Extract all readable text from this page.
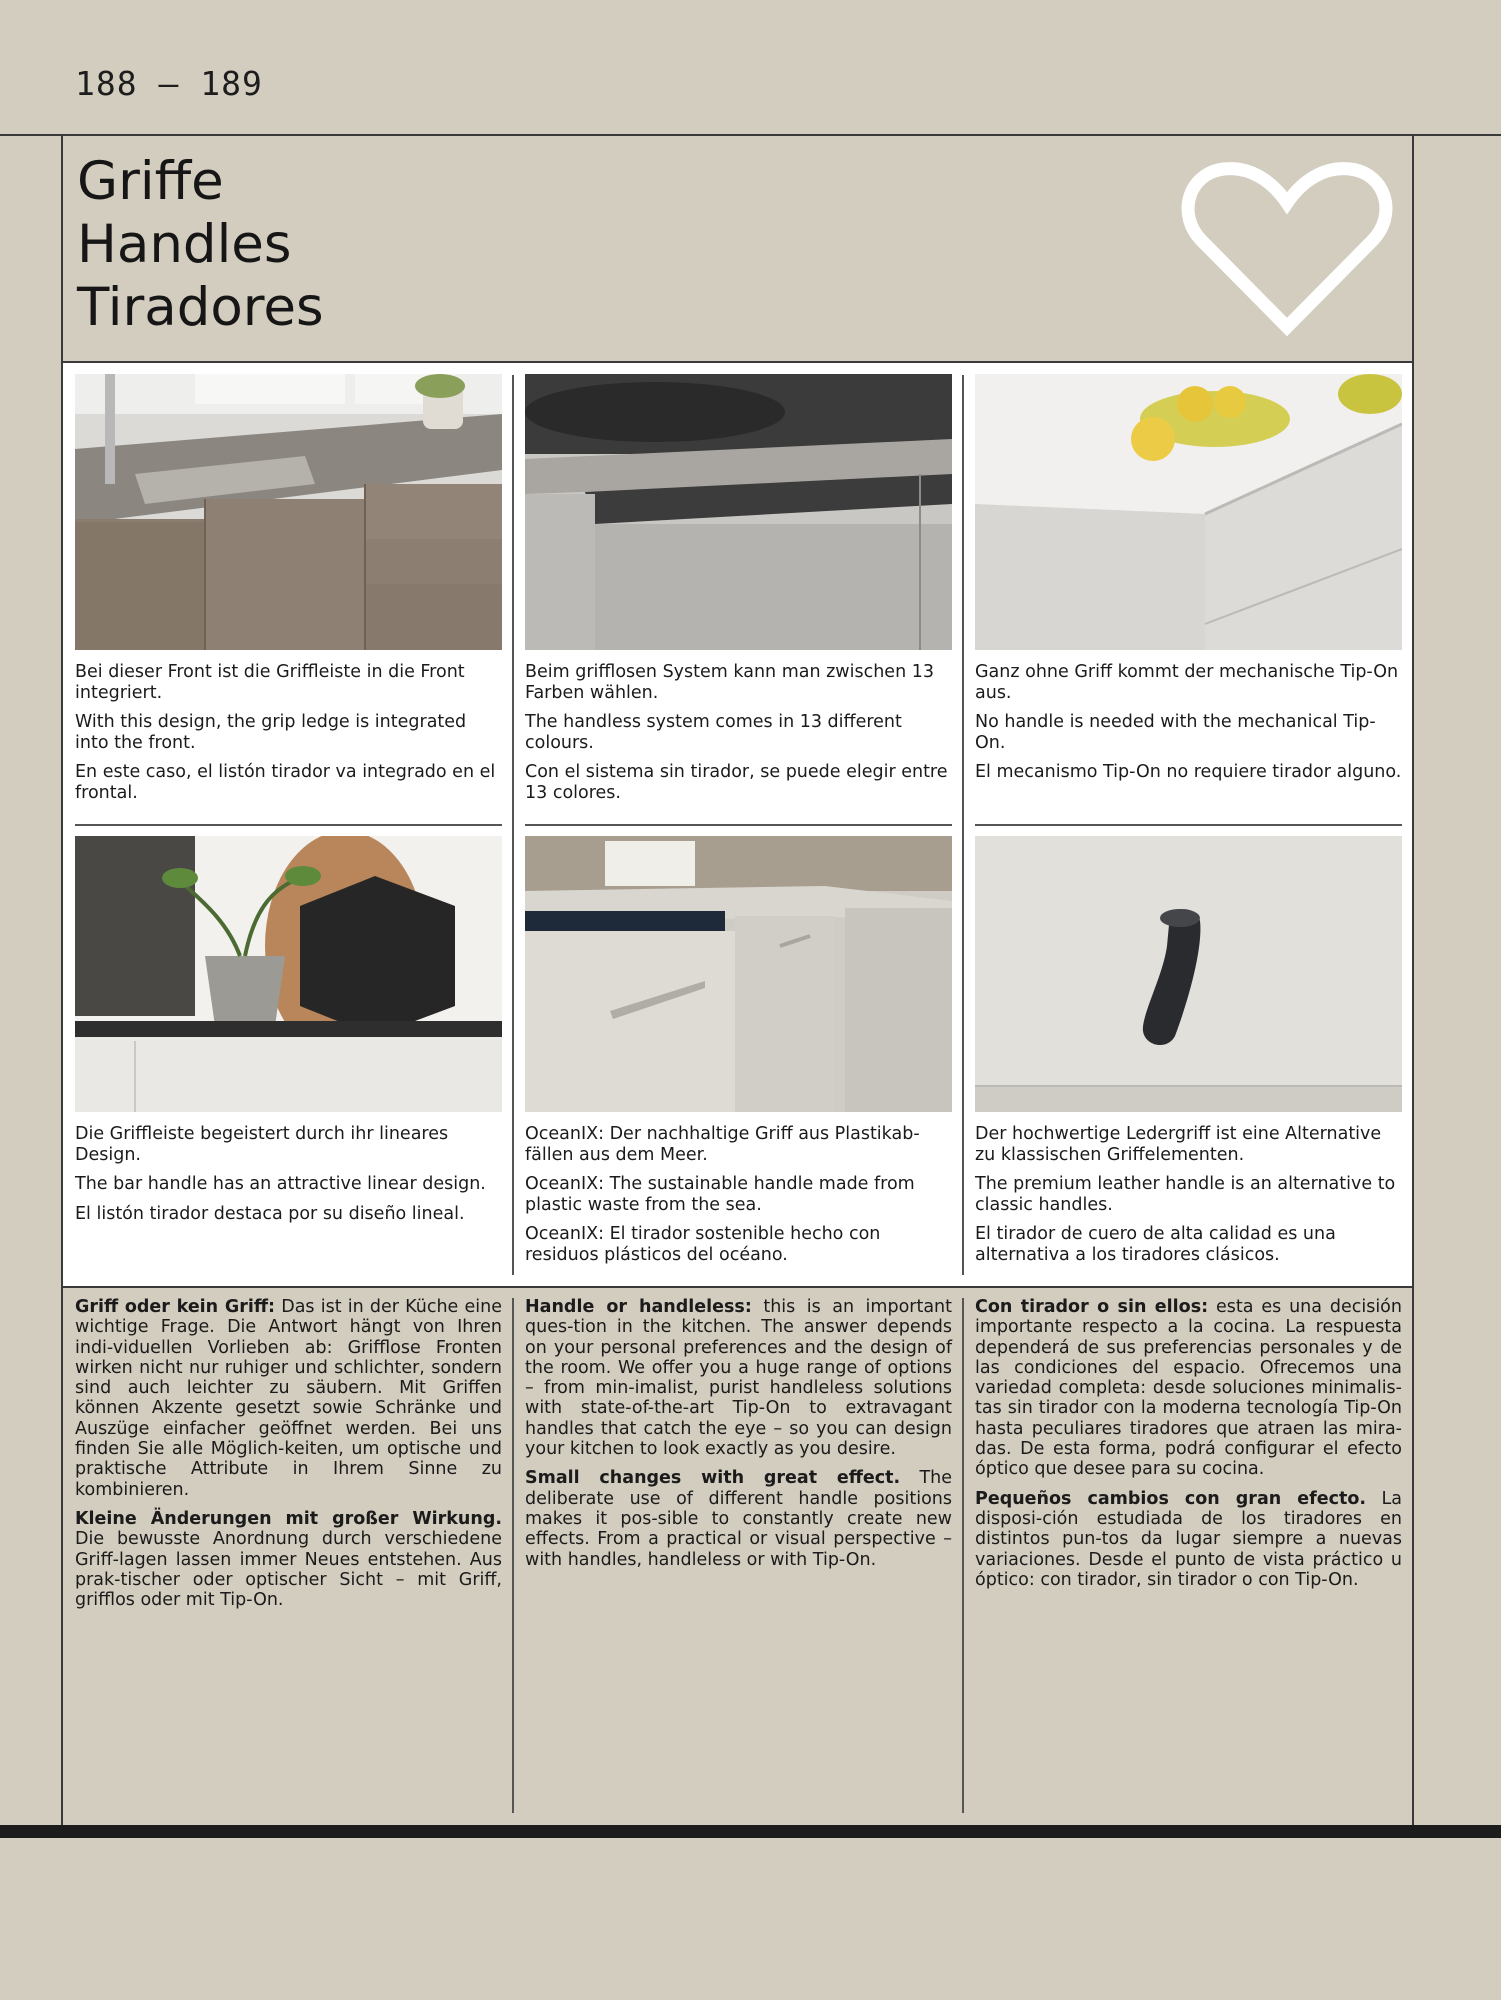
188 — 189
Griffe
Handles
Tiradores

Bei dieser Front ist die Griffleiste in die Front integriert.

With this design, the grip ledge is integrated into the front.

En este caso, el listón tirador va integrado en el frontal.

Beim grifflosen System kann man zwischen 13 Farben wählen.

The handless system comes in 13 different colours.

Con el sistema sin tirador, se puede elegir entre 13 colores.

Ganz ohne Griff kommt der mechanische Tip-On aus.

No handle is needed with the mechanical Tip-On.

El mecanismo Tip-On no requiere tirador alguno.

Die Griffleiste begeistert durch ihr lineares Design.

The bar handle has an attractive linear design.

El listón tirador destaca por su diseño lineal.

OceanIX: Der nachhaltige Griff aus Plastikab-fällen aus dem Meer.

OceanIX: The sustainable handle made from plastic waste from the sea.

OceanIX: El tirador sostenible hecho con residuos plásticos del océano.

Der hochwertige Ledergriff ist eine Alternative zu klassischen Griffelementen.

The premium leather handle is an alternative to classic handles.

El tirador de cuero de alta calidad es una alternativa a los tiradores clásicos.

Griff oder kein Griff: Das ist in der Küche eine wichtige Frage. Die Antwort hängt von Ihren indi-viduellen Vorlieben ab: Grifflose Fronten wirken nicht nur ruhiger und schlichter, sondern sind auch leichter zu säubern. Mit Griffen können Akzente gesetzt sowie Schränke und Auszüge einfacher geöffnet werden. Bei uns finden Sie alle Möglich-keiten, um optische und praktische Attribute in Ihrem Sinne zu kombinieren.

Kleine Änderungen mit großer Wirkung. Die bewusste Anordnung durch verschiedene Griff-lagen lassen immer Neues entstehen. Aus prak-tischer oder optischer Sicht – mit Griff, grifflos oder mit Tip-On.

Handle or handleless: this is an important ques-tion in the kitchen. The answer depends on your personal preferences and the design of the room. We offer you a huge range of options – from min-imalist, purist handleless solutions with state-of-the-art Tip-On to extravagant handles that catch the eye – so you can design your kitchen to look exactly as you desire.

Small changes with great effect. The deliberate use of different handle positions makes it pos-sible to constantly create new effects. From a practical or visual perspective – with handles, handleless or with Tip-On.

Con tirador o sin ellos: esta es una decisión importante respecto a la cocina. La respuesta dependerá de sus preferencias personales y de las condiciones del espacio. Ofrecemos una variedad completa: desde soluciones minimalis-tas sin tirador con la moderna tecnología Tip-On hasta peculiares tiradores que atraen las mira-das. De esta forma, podrá configurar el efecto óptico que desee para su cocina.

Pequeños cambios con gran efecto. La disposi-ción estudiada de los tiradores en distintos pun-tos da lugar siempre a nuevas variaciones. Desde el punto de vista práctico u óptico: con tirador, sin tirador o con Tip-On.
